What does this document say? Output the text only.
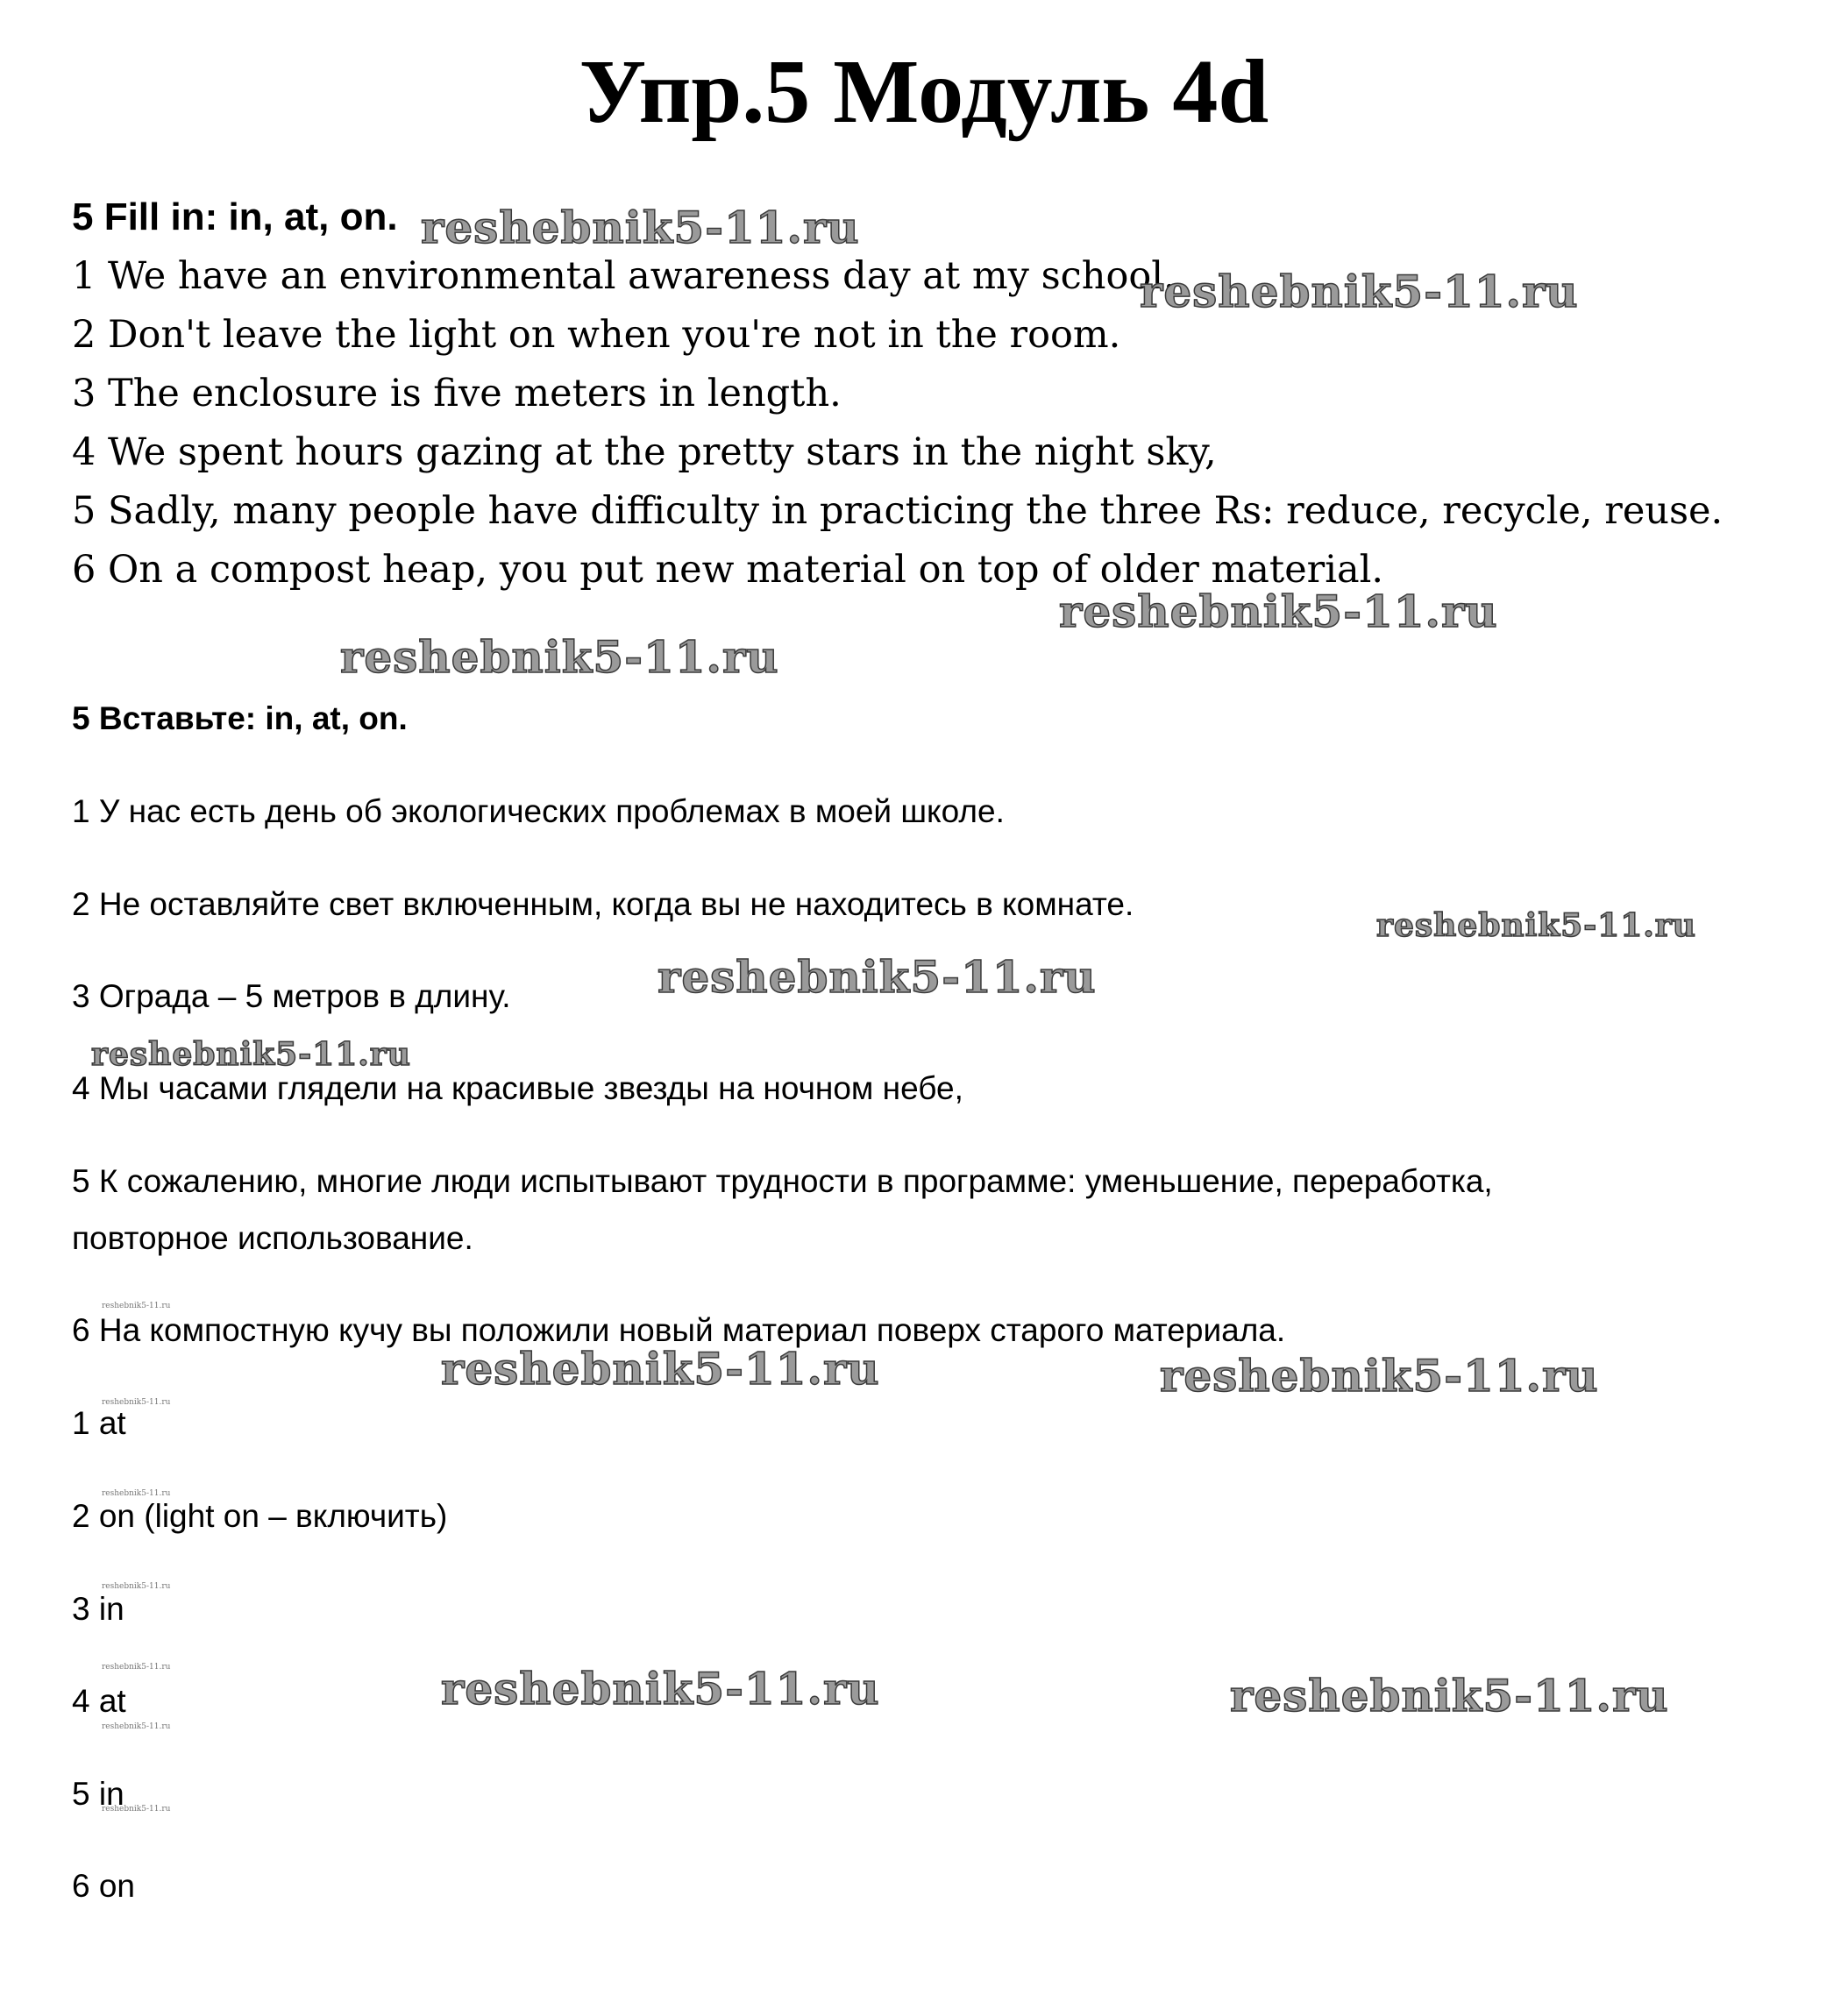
Упр.5 Модуль 4d

5 Fill in: in, at, on.

1 We have an environmental awareness day at my school.

2 Don't leave the light on when you're not in the room.

3 The enclosure is five meters in length.

4 We spent hours gazing at the pretty stars in the night sky,

5 Sadly, many people have difficulty in practicing the three Rs: reduce, recycle, reuse.

6 On a compost heap, you put new material on top of older material.

5 Вставьте: in, at, on.

1 У нас есть день об экологических проблемах в моей школе.

2 Не оставляйте свет включенным, когда вы не находитесь в комнате.

3 Ограда – 5 метров в длину.

4 Мы часами глядели на красивые звезды на ночном небе,

5 К сожалению, многие люди испытывают трудности в программе: уменьшение, переработка,

повторное использование.

6 На компостную кучу вы положили новый материал поверх старого материала.

1 at

2 on (light on – включить)

3 in

4 at

5 in

6 on

reshebnik5-11.ru
reshebnik5-11.ru
reshebnik5-11.ru
reshebnik5-11.ru
reshebnik5-11.ru
reshebnik5-11.ru
reshebnik5-11.ru
reshebnik5-11.ru	reshebnik5-11.ru
reshebnik5-11.ru	reshebnik5-11.ru
reshebnik5-11.ru
reshebnik5-11.ru
reshebnik5-11.ru
reshebnik5-11.ru
reshebnik5-11.ru
reshebnik5-11.ru
reshebnik5-11.ru
